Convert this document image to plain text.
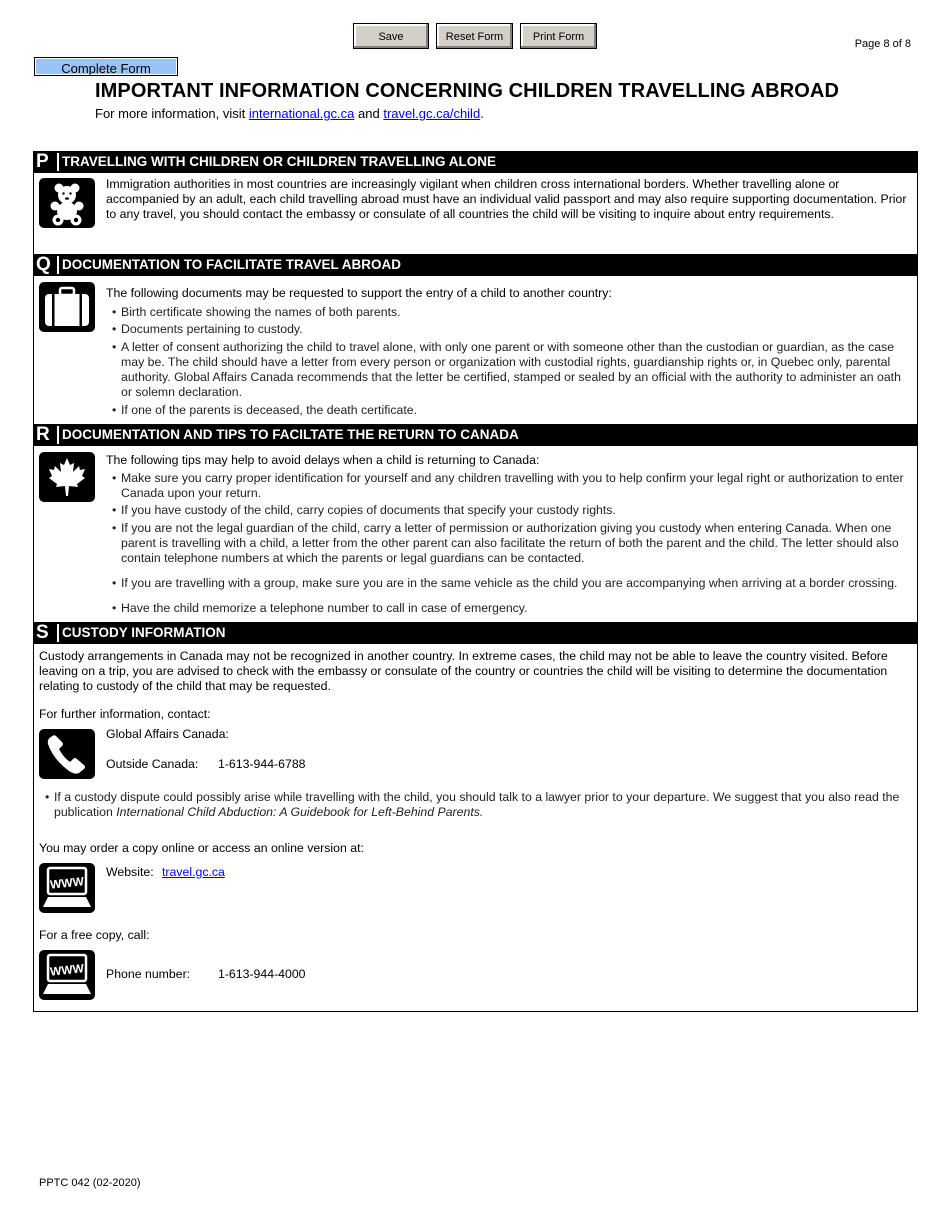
Save	Reset Form	Print Form
Page 8 of 8
Complete Form
IMPORTANT INFORMATION CONCERNING CHILDREN TRAVELLING ABROAD
For more information, visit international.gc.ca and travel.gc.ca/child.
P TRAVELLING WITH CHILDREN OR CHILDREN TRAVELLING ALONE
Immigration authorities in most countries are increasingly vigilant when children cross international borders. Whether travelling alone or accompanied by an adult, each child travelling abroad must have an individual valid passport and may also require supporting documentation. Prior to any travel, you should contact the embassy or consulate of all countries the child will be visiting to inquire about entry requirements.
Q DOCUMENTATION TO FACILITATE TRAVEL ABROAD
The following documents may be requested to support the entry of a child to another country:
• Birth certificate showing the names of both parents.
• Documents pertaining to custody.
• A letter of consent authorizing the child to travel alone, with only one parent or with someone other than the custodian or guardian, as the case may be. The child should have a letter from every person or organization with custodial rights, guardianship rights or, in Quebec only, parental authority. Global Affairs Canada recommends that the letter be certified, stamped or sealed by an official with the authority to administer an oath or solemn declaration.
• If one of the parents is deceased, the death certificate.
R DOCUMENTATION AND TIPS TO FACILTATE THE RETURN TO CANADA
The following tips may help to avoid delays when a child is returning to Canada:
• Make sure you carry proper identification for yourself and any children travelling with you to help confirm your legal right or authorization to enter Canada upon your return.
• If you have custody of the child, carry copies of documents that specify your custody rights.
• If you are not the legal guardian of the child, carry a letter of permission or authorization giving you custody when entering Canada. When one parent is travelling with a child, a letter from the other parent can also facilitate the return of both the parent and the child. The letter should also contain telephone numbers at which the parents or legal guardians can be contacted.
• If you are travelling with a group, make sure you are in the same vehicle as the child you are accompanying when arriving at a border crossing.
• Have the child memorize a telephone number to call in case of emergency.
S CUSTODY INFORMATION
Custody arrangements in Canada may not be recognized in another country. In extreme cases, the child may not be able to leave the country visited. Before leaving on a trip, you are advised to check with the embassy or consulate of the country or countries the child will be visiting to determine the documentation relating to custody of the child that may be requested.
For further information, contact:
Global Affairs Canada:
Outside Canada: 1-613-944-6788
• If a custody dispute could possibly arise while travelling with the child, you should talk to a lawyer prior to your departure. We suggest that you also read the publication International Child Abduction: A Guidebook for Left-Behind Parents.
You may order a copy online or access an online version at:
WWW
Website: travel.gc.ca
For a free copy, call:
WWW Phone number: 1-613-944-4000
PPTC 042 (02-2020)
